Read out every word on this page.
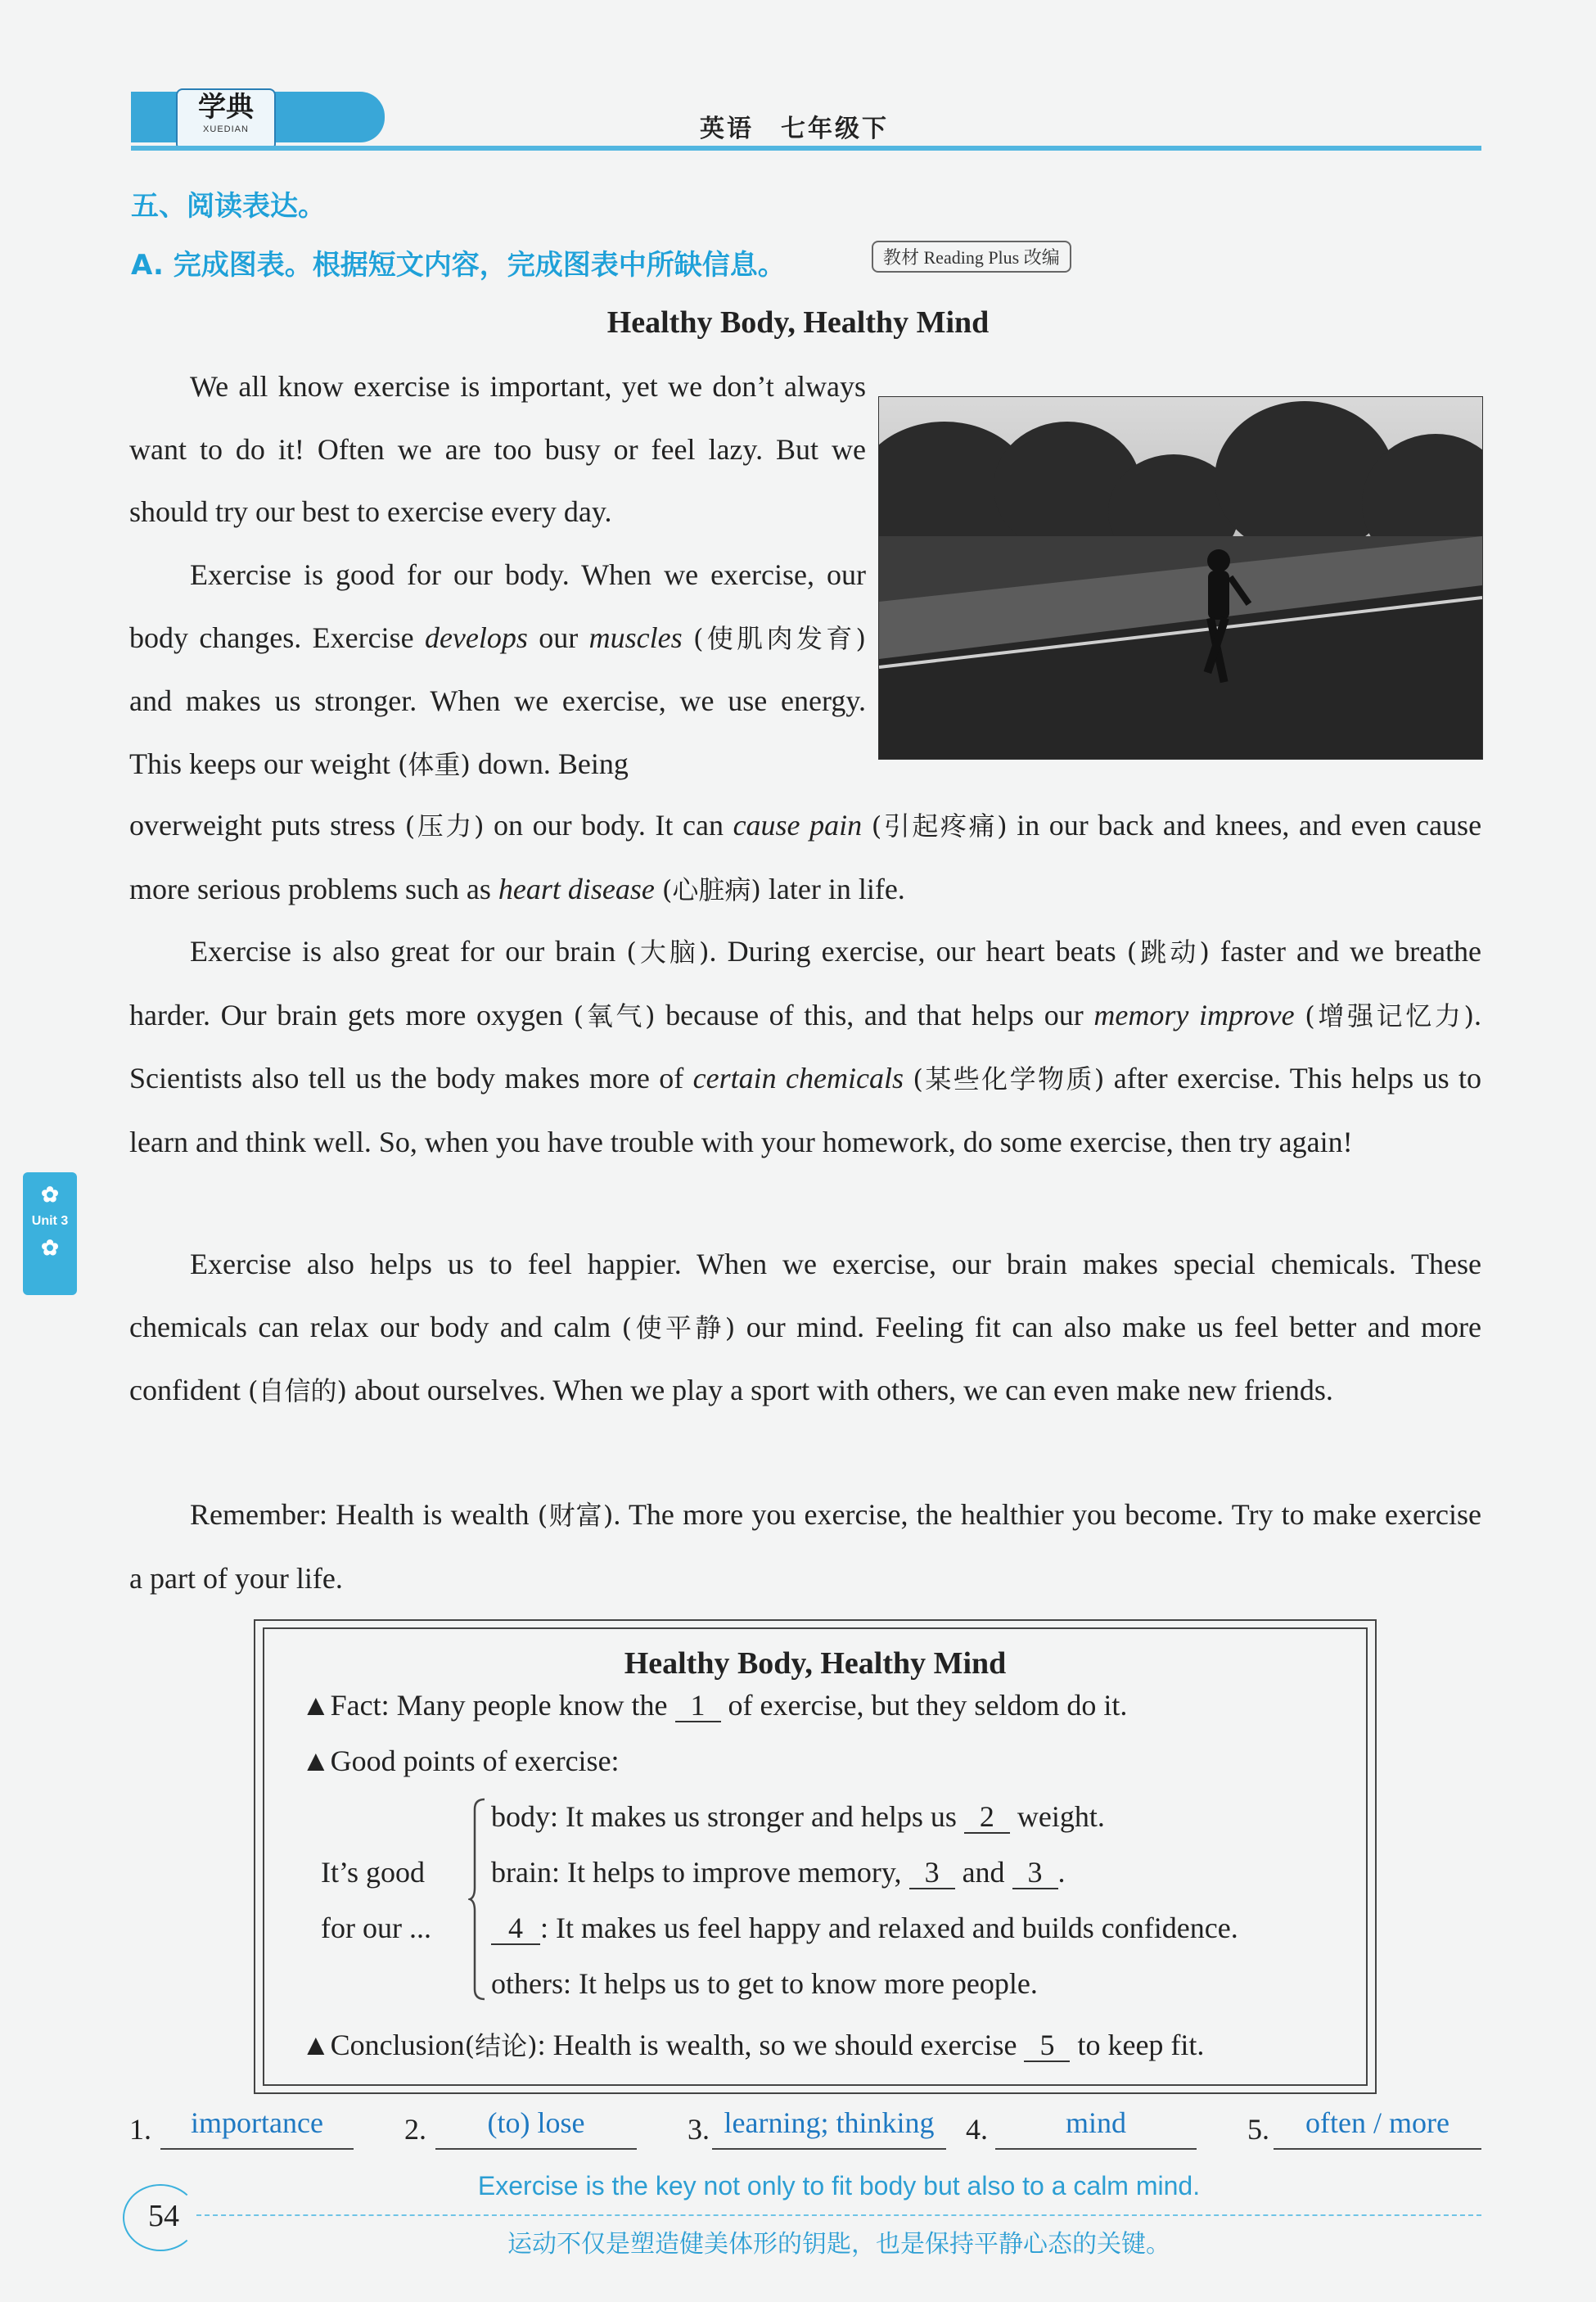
学典
XUEDIAN	英语　七年级下
五、阅读表达。
A. 完成图表。根据短文内容，完成图表中所缺信息。	教材 Reading Plus 改编
Healthy Body, Healthy Mind

We all know exercise is important, yet we don’t always want to do it! Often we are too busy or feel lazy. But we should try our best to exercise every day.

Exercise is good for our body. When we exercise, our body changes. Exercise develops our muscles (使肌肉发育) and makes us stronger. When we exercise, we use energy. This keeps our weight (体重) down. Being

overweight puts stress (压力) on our body. It can cause pain (引起疼痛) in our back and knees, and even cause more serious problems such as heart disease (心脏病) later in life.

Exercise is also great for our brain (大脑). During exercise, our heart beats (跳动) faster and we breathe harder. Our brain gets more oxygen (氧气) because of this, and that helps our memory improve (增强记忆力). Scientists also tell us the body makes more of certain chemicals (某些化学物质) after exercise. This helps us to learn and think well. So, when you have trouble with your homework, do some exercise, then try again!

✿
Unit 3
✿	Exercise also helps us to feel happier. When we exercise, our brain makes special chemicals. These chemicals can relax our body and calm (使平静) our mind. Feeling fit can also make us feel better and more confident (自信的) about ourselves. When we play a sport with others, we can even make new friends.

Remember: Health is wealth (财富). The more you exercise, the healthier you become. Try to make exercise a part of your life.

Healthy Body, Healthy Mind
▲Fact: Many people know the 1 of exercise, but they seldom do it.
▲Good points of exercise:
It’s good
for our ...
body: It makes us stronger and helps us 2 weight.
brain: It helps to improve memory, 3 and 3 .
4 : It makes us feel happy and relaxed and builds confidence.
others: It helps us to get to know more people.
▲Conclusion(结论): Health is wealth, so we should exercise 5 to keep fit.
1.	importance	2.	(to) lose	3. learning; thinking	4.	mind	5.	often / more
54
Exercise is the key not only to fit body but also to a calm mind.
运动不仅是塑造健美体形的钥匙，也是保持平静心态的关键。
